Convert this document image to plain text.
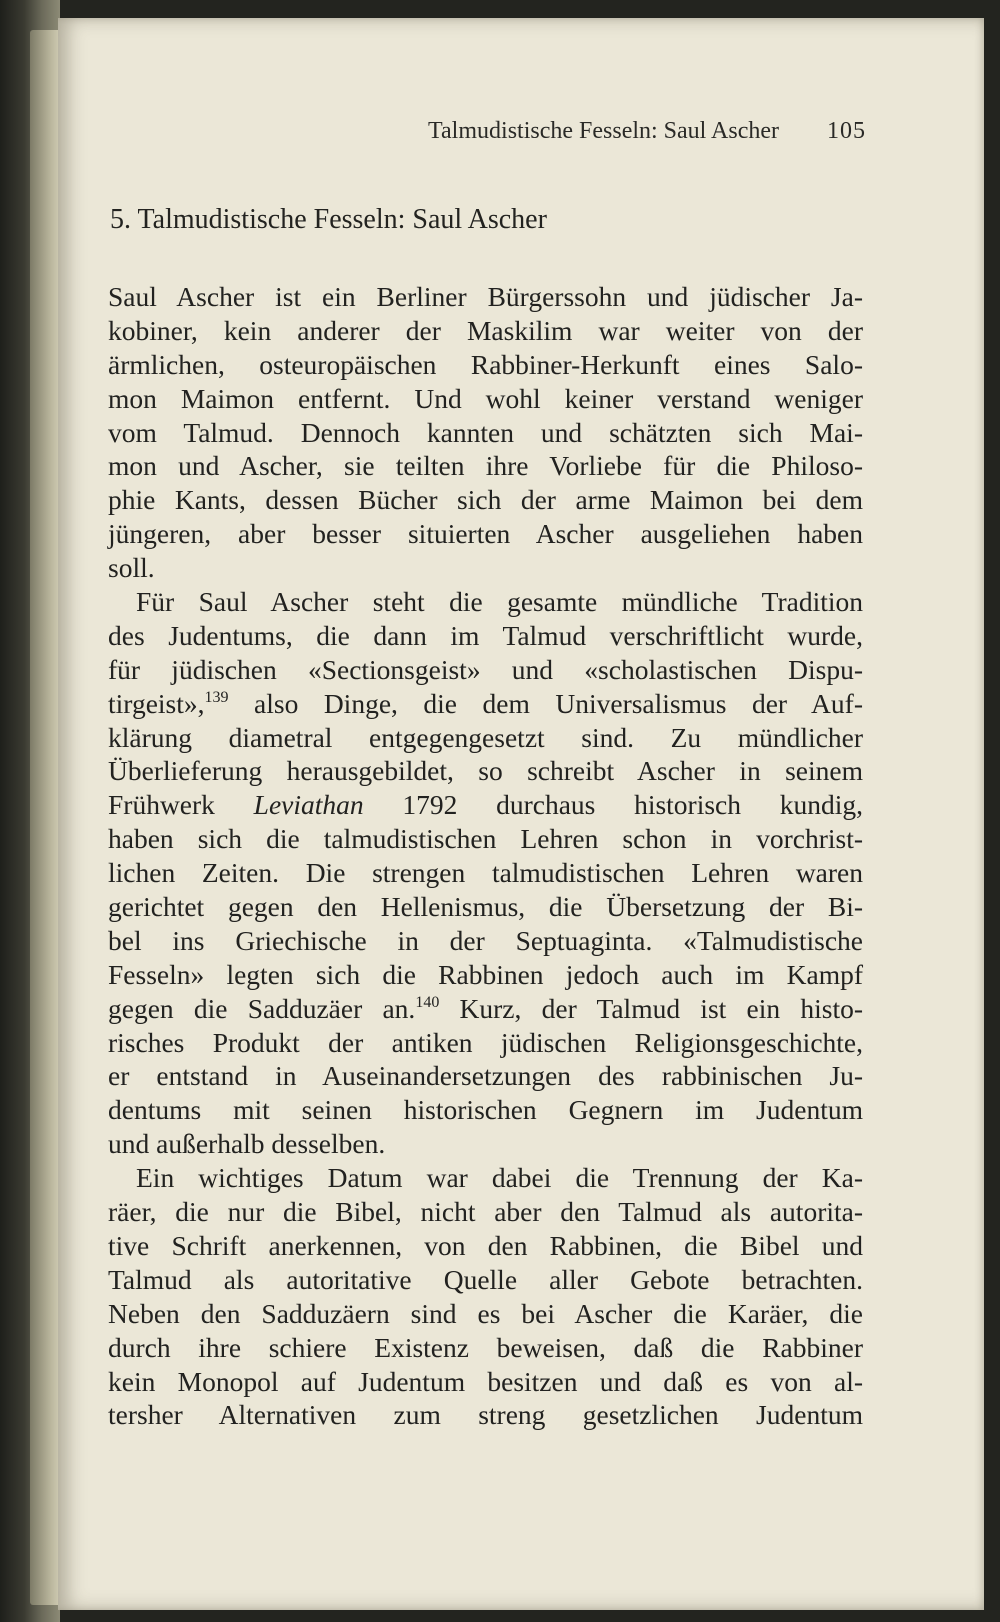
Talmudistische Fesseln: Saul Ascher 105
5. Talmudistische Fesseln: Saul Ascher
Saul Ascher ist ein Berliner Bürgerssohn und jüdischer Ja-
kobiner, kein anderer der Maskilim war weiter von der
ärmlichen, osteuropäischen Rabbiner-Herkunft eines Salo-
mon Maimon entfernt. Und wohl keiner verstand weniger
vom Talmud. Dennoch kannten und schätzten sich Mai-
mon und Ascher, sie teilten ihre Vorliebe für die Philoso-
phie Kants, dessen Bücher sich der arme Maimon bei dem
jüngeren, aber besser situierten Ascher ausgeliehen haben
soll.
Für Saul Ascher steht die gesamte mündliche Tradition
des Judentums, die dann im Talmud verschriftlicht wurde,
für jüdischen «Sectionsgeist» und «scholastischen Dispu-
tirgeist»,$^{139}$ also Dinge, die dem Universalismus der Auf-
klärung diametral entgegengesetzt sind. Zu mündlicher
Überlieferung herausgebildet, so schreibt Ascher in seinem
Frühwerk Leviathan 1792 durchaus historisch kundig,
haben sich die talmudistischen Lehren schon in vorchrist-
lichen Zeiten. Die strengen talmudistischen Lehren waren
gerichtet gegen den Hellenismus, die Übersetzung der Bi-
bel ins Griechische in der Septuaginta. «Talmudistische
Fesseln» legten sich die Rabbinen jedoch auch im Kampf
gegen die Sadduzäer an.$^{140}$ Kurz, der Talmud ist ein histo-
risches Produkt der antiken jüdischen Religionsgeschichte,
er entstand in Auseinandersetzungen des rabbinischen Ju-
dentums mit seinen historischen Gegnern im Judentum
und außerhalb desselben.
Ein wichtiges Datum war dabei die Trennung der Ka-
räer, die nur die Bibel, nicht aber den Talmud als autorita-
tive Schrift anerkennen, von den Rabbinen, die Bibel und
Talmud als autoritative Quelle aller Gebote betrachten.
Neben den Sadduzäern sind es bei Ascher die Karäer, die
durch ihre schiere Existenz beweisen, daß die Rabbiner
kein Monopol auf Judentum besitzen und daß es von al-
tersher Alternativen zum streng gesetzlichen Judentum
